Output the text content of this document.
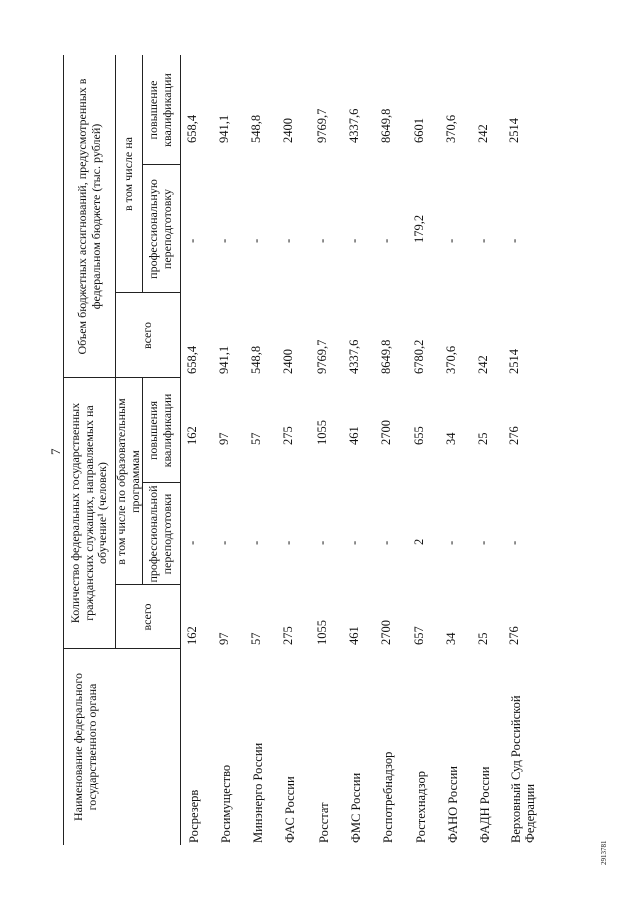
7
Наименование федерального государственного органа
Количество федеральных государственных гражданских служащих, направляемых на обучение¹ (человек)
всего
в том числе по образовательным программам
профессиональной переподготовки
повышения квалификации
Объем бюджетных ассигнований, предусмотренных в федеральном бюджете (тыс. рублей)
всего
в том числе на
профессиональную переподготовку
повышение квалификации
Росрезерв
162
-
162
658,4
-
658,4
Росимущество
97
-
97
941,1
-
941,1
Минэнерго России
57
-
57
548,8
-
548,8
ФАС России
275
-
275
2400
-
2400
Росстат
1055
-
1055
9769,7
-
9769,7
ФМС России
461
-
461
4337,6
-
4337,6
Роспотребнадзор
2700
-
2700
8649,8
-
8649,8
Ростехнадзор
657
2
655
6780,2
179,2
6601
ФАНО России
34
-
34
370,6
-
370,6
ФАДН России
25
-
25
242
-
242
Верховный Суд Российской Федерации
276
-
276
2514
-
2514
2913781
